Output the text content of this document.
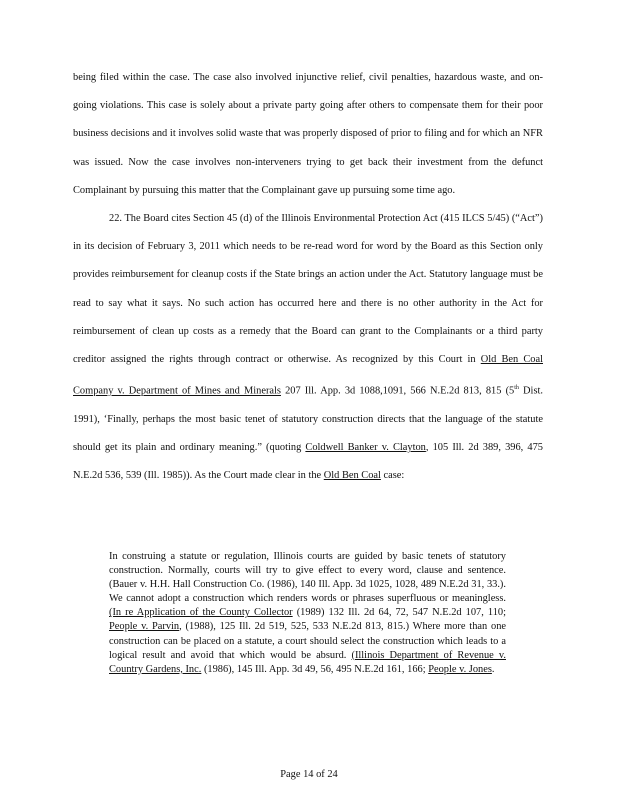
being filed within the case. The case also involved injunctive relief, civil penalties, hazardous waste, and on-going violations. This case is solely about a private party going after others to compensate them for their poor business decisions and it involves solid waste that was properly disposed of prior to filing and for which an NFR was issued. Now the case involves non-interveners trying to get back their investment from the defunct Complainant by pursuing this matter that the Complainant gave up pursuing some time ago.

22. The Board cites Section 45 (d) of the Illinois Environmental Protection Act (415 ILCS 5/45) (“Act”) in its decision of February 3, 2011 which needs to be re-read word for word by the Board as this Section only provides reimbursement for cleanup costs if the State brings an action under the Act. Statutory language must be read to say what it says. No such action has occurred here and there is no other authority in the Act for reimbursement of clean up costs as a remedy that the Board can grant to the Complainants or a third party creditor assigned the rights through contract or otherwise. As recognized by this Court in Old Ben Coal Company v. Department of Mines and Minerals 207 Ill. App. 3d 1088,1091, 566 N.E.2d 813, 815 (5th Dist. 1991), ‘Finally, perhaps the most basic tenet of statutory construction directs that the language of the statute should get its plain and ordinary meaning.” (quoting Coldwell Banker v. Clayton, 105 Ill. 2d 389, 396, 475 N.E.2d 536, 539 (Ill. 1985)). As the Court made clear in the Old Ben Coal case:

In construing a statute or regulation, Illinois courts are guided by basic tenets of statutory construction. Normally, courts will try to give effect to every word, clause and sentence. (Bauer v. H.H. Hall Construction Co. (1986), 140 Ill. App. 3d 1025, 1028, 489 N.E.2d 31, 33.). We cannot adopt a construction which renders words or phrases superfluous or meaningless. (In re Application of the County Collector (1989) 132 Ill. 2d 64, 72, 547 N.E.2d 107, 110; People v. Parvin, (1988), 125 Ill. 2d 519, 525, 533 N.E.2d 813, 815.) Where more than one construction can be placed on a statute, a court should select the construction which leads to a logical result and avoid that which would be absurd. (Illinois Department of Revenue v. Country Gardens, Inc. (1986), 145 Ill. App. 3d 49, 56, 495 N.E.2d 161, 166; People v. Jones.

Page 14 of 24
